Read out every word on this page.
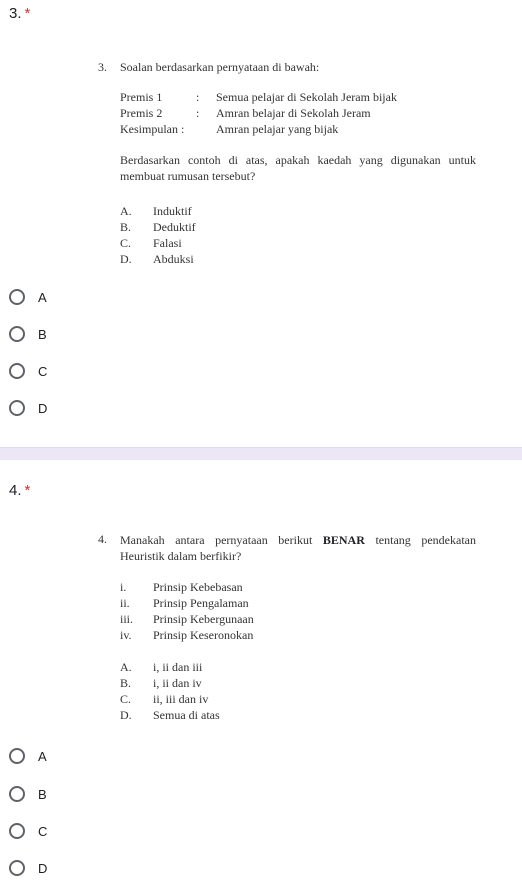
3. *
3. Soalan berdasarkan pernyataan di bawah:
Premis 1	: Semua pelajar di Sekolah Jeram bijak
Premis 2	: Amran belajar di Sekolah Jeram
Kesimpulan :	Amran pelajar yang bijak
Berdasarkan contoh di atas, apakah kaedah yang digunakan untuk membuat rumusan tersebut?
A. Induktif
B. Deduktif
C. Falasi
D. Abduksi
A
B
C
D
4. *
4. Manakah antara pernyataan berikut BENAR tentang pendekatan Heuristik dalam berfikir?
i. Prinsip Kebebasan
ii. Prinsip Pengalaman
iii. Prinsip Kebergunaan
iv. Prinsip Keseronokan
A. i, ii dan iii
B. i, ii dan iv
C. ii, iii dan iv
D. Semua di atas
A
B
C
D
